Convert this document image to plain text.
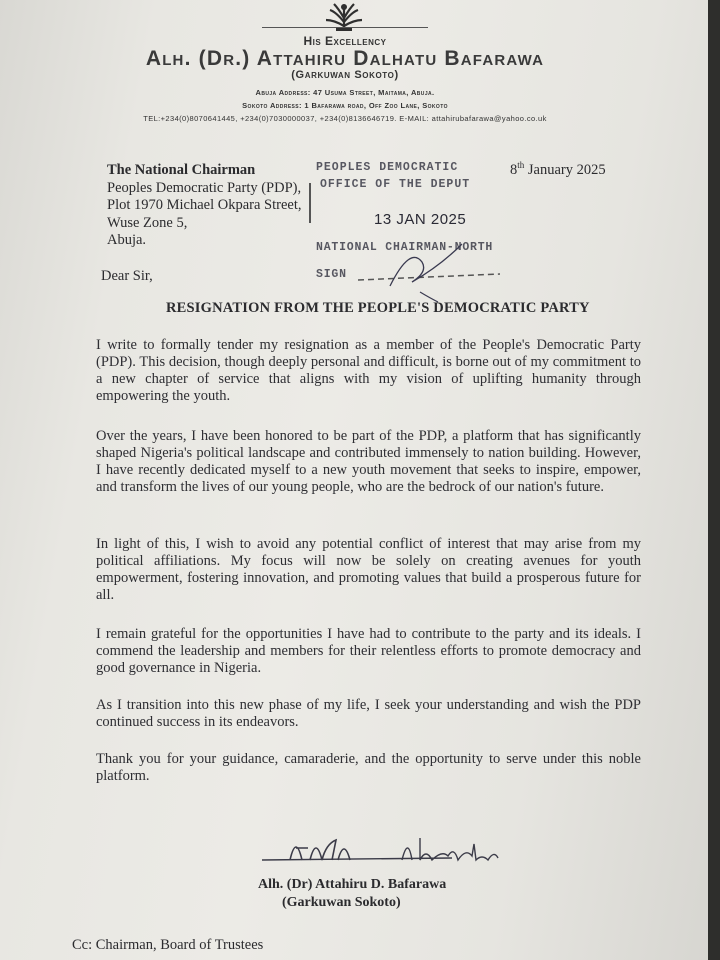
His Excellency
Alh. (Dr.) Attahiru Dalhatu Bafarawa
(Garkuwan Sokoto)
Abuja Address: 47 Usuma Street, Maitama, Abuja.
Sokoto Address: 1 Bafarawa road, Off Zoo Lane, Sokoto
TEL:+234(0)8070641445, +234(0)7030000037, +234(0)8136646719. E-MAIL: attahirubafarawa@yahoo.co.uk
The National Chairman
Peoples Democratic Party (PDP),
Plot 1970 Michael Okpara Street,
Wuse Zone 5,
Abuja.
8th January 2025
PEOPLES DEMOCRATIC
OFFICE OF THE DEPUT
13 JAN 2025
NATIONAL CHAIRMAN-NORTH
SIGN
Dear Sir,
RESIGNATION FROM THE PEOPLE'S DEMOCRATIC PARTY
I write to formally tender my resignation as a member of the People's Democratic Party (PDP). This decision, though deeply personal and difficult, is borne out of my commitment to a new chapter of service that aligns with my vision of uplifting humanity through empowering the youth.
Over the years, I have been honored to be part of the PDP, a platform that has significantly shaped Nigeria's political landscape and contributed immensely to nation building. However, I have recently dedicated myself to a new youth movement that seeks to inspire, empower, and transform the lives of our young people, who are the bedrock of our nation's future.
In light of this, I wish to avoid any potential conflict of interest that may arise from my political affiliations. My focus will now be solely on creating avenues for youth empowerment, fostering innovation, and promoting values that build a prosperous future for all.
I remain grateful for the opportunities I have had to contribute to the party and its ideals. I commend the leadership and members for their relentless efforts to promote democracy and good governance in Nigeria.
As I transition into this new phase of my life, I seek your understanding and wish the PDP continued success in its endeavors.
Thank you for your guidance, camaraderie, and the opportunity to serve under this noble platform.
Alh. (Dr) Attahiru D. Bafarawa
(Garkuwan Sokoto)
Cc: Chairman, Board of Trustees
